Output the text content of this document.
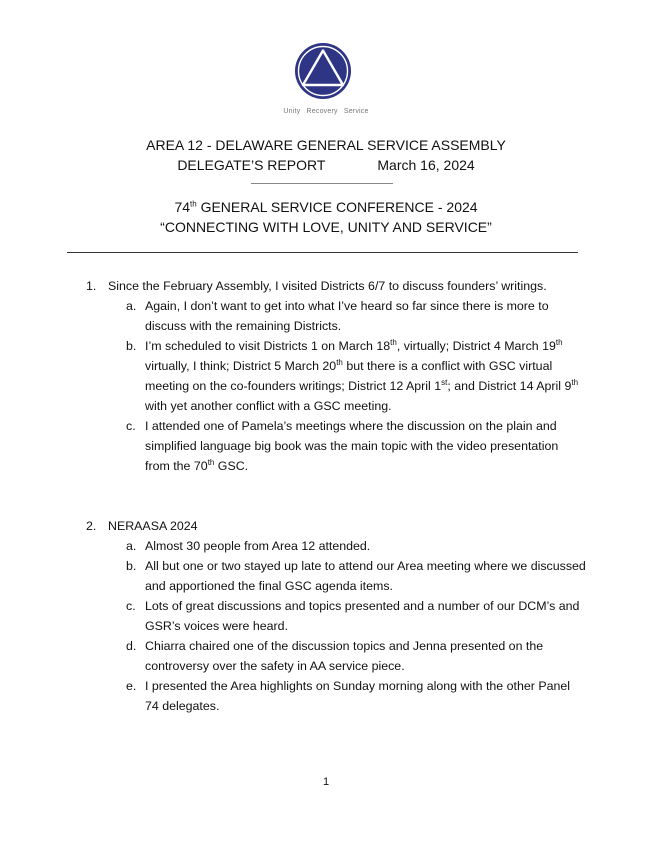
Unity Recovery Service
AREA 12 - DELAWARE GENERAL SERVICE ASSEMBLY
DELEGATE’S REPORT	March 16, 2024
74th GENERAL SERVICE CONFERENCE - 2024
“CONNECTING WITH LOVE, UNITY AND SERVICE”
1. Since the February Assembly, I visited Districts 6/7 to discuss founders’ writings.
a. Again, I don’t want to get into what I’ve heard so far since there is more to discuss with the remaining Districts.
b. I’m scheduled to visit Districts 1 on March 18th, virtually; District 4 March 19th virtually, I think; District 5 March 20th but there is a conflict with GSC virtual meeting on the co-founders writings; District 12 April 1st; and District 14 April 9th with yet another conflict with a GSC meeting.
c. I attended one of Pamela’s meetings where the discussion on the plain and simplified language big book was the main topic with the video presentation from the 70th GSC.
2. NERAASA 2024
a. Almost 30 people from Area 12 attended.
b. All but one or two stayed up late to attend our Area meeting where we discussed and apportioned the final GSC agenda items.
c. Lots of great discussions and topics presented and a number of our DCM’s and GSR’s voices were heard.
d. Chiarra chaired one of the discussion topics and Jenna presented on the controversy over the safety in AA service piece.
e. I presented the Area highlights on Sunday morning along with the other Panel 74 delegates.
1
